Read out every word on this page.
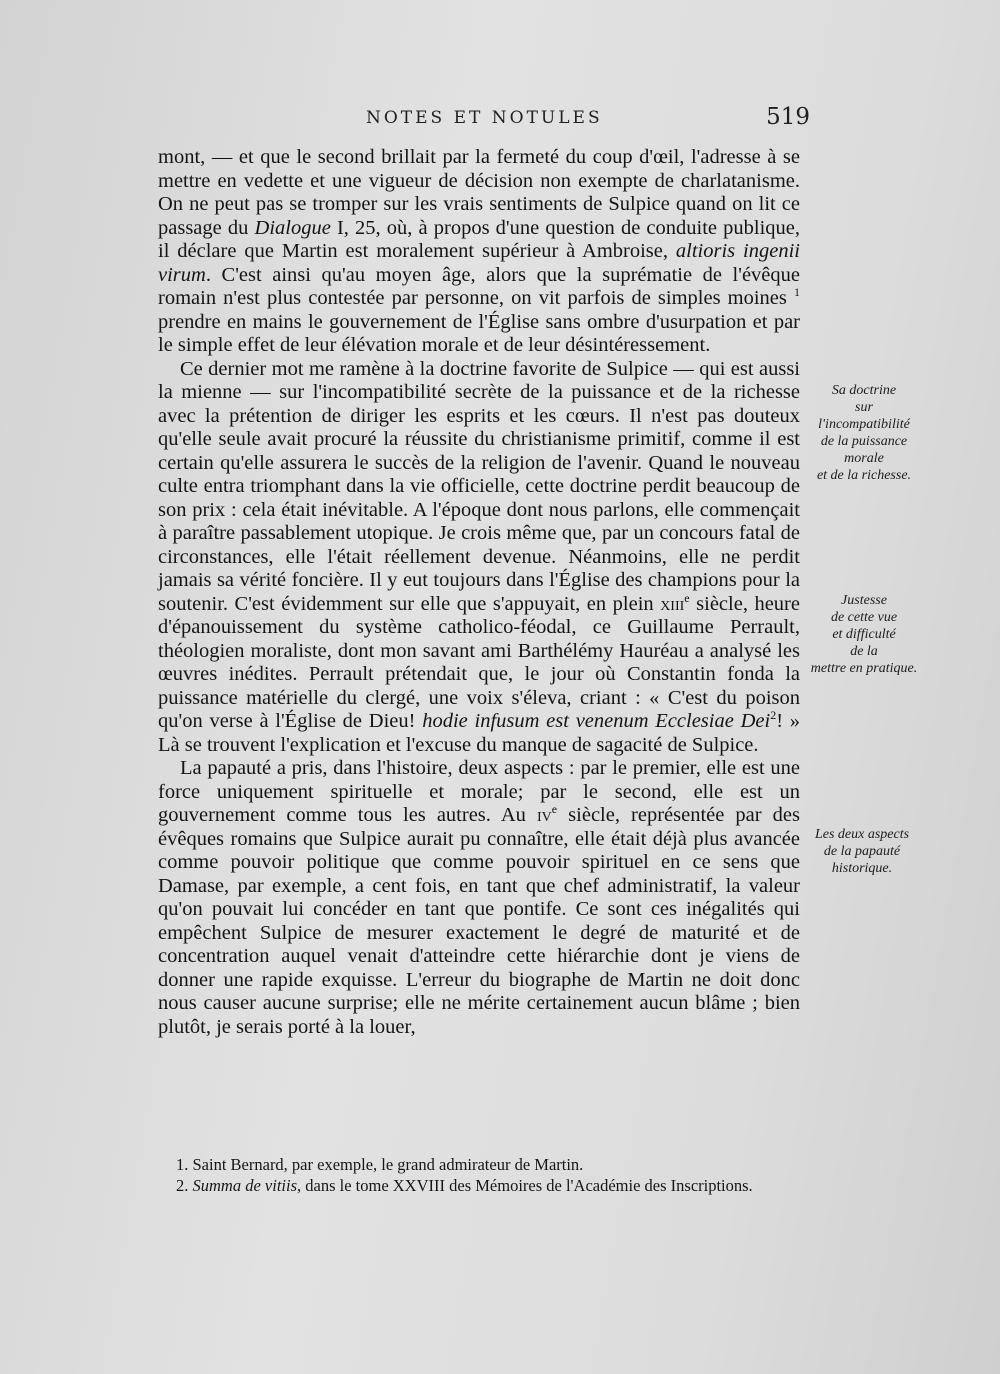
NOTES ET NOTULES	519

mont, — et que le second brillait par la fermeté du coup d'œil, l'adresse à se mettre en vedette et une vigueur de décision non exempte de charlatanisme. On ne peut pas se tromper sur les vrais sentiments de Sulpice quand on lit ce passage du Dialogue I, 25, où, à propos d'une question de conduite publique, il déclare que Martin est moralement supérieur à Ambroise, altioris ingenii virum. C'est ainsi qu'au moyen âge, alors que la suprématie de l'évêque romain n'est plus contestée par personne, on vit parfois de simples moines $^1$ prendre en mains le gouvernement de l'Église sans ombre d'usurpation et par le simple effet de leur élévation morale et de leur désintéressement.

Ce dernier mot me ramène à la doctrine favorite de Sulpice — qui est aussi la mienne — sur l'incompatibilité secrète de la puissance et de la richesse avec la prétention de diriger les esprits et les cœurs. Il n'est pas douteux qu'elle seule avait procuré la réussite du christianisme primitif, comme il est certain qu'elle assurera le succès de la religion de l'avenir. Quand le nouveau culte entra triomphant dans la vie officielle, cette doctrine perdit beaucoup de son prix : cela était inévitable. A l'époque dont nous parlons, elle commençait à paraître passablement utopique. Je crois même que, par un concours fatal de circonstances, elle l'était réellement devenue. Néanmoins, elle ne perdit jamais sa vérité foncière. Il y eut toujours dans l'Église des champions pour la soutenir. C'est évidemment sur elle que s'appuyait, en plein xiii$^e$ siècle, heure d'épanouissement du système catholico-féodal, ce Guillaume Perrault, théologien moraliste, dont mon savant ami Barthélémy Hauréau a analysé les œuvres inédites. Perrault prétendait que, le jour où Constantin fonda la puissance matérielle du clergé, une voix s'éleva, criant : « C'est du poison qu'on verse à l'Église de Dieu! hodie infusum est venenum Ecclesiae Dei$^2$! » Là se trouvent l'explication et l'excuse du manque de sagacité de Sulpice.

La papauté a pris, dans l'histoire, deux aspects : par le premier, elle est une force uniquement spirituelle et morale; par le second, elle est un gouvernement comme tous les autres. Au $iv^e$ siècle, représentée par des évêques romains que Sulpice aurait pu connaître, elle était déjà plus avancée comme pouvoir politique que comme pouvoir spirituel en ce sens que Damase, par exemple, a cent fois, en tant que chef administratif, la valeur qu'on pouvait lui concéder en tant que pontife. Ce sont ces inégalités qui empêchent Sulpice de mesurer exactement le degré de maturité et de concentration auquel venait d'atteindre cette hiérarchie dont je viens de donner une rapide exquisse. L'erreur du biographe de Martin ne doit donc nous causer aucune surprise; elle ne mérite certainement aucun blâme ; bien plutôt, je serais porté à la louer,

Sa doctrine
sur
l'incompatibilité
de la puissance
morale
et de la richesse.
Justesse
de cette vue
et difficulté
de la
mettre en pratique.
Les deux aspects
de la papauté
historique.

1. Saint Bernard, par exemple, le grand admirateur de Martin.

2. Summa de vitiis, dans le tome XXVIII des Mémoires de l'Académie des Inscriptions.
